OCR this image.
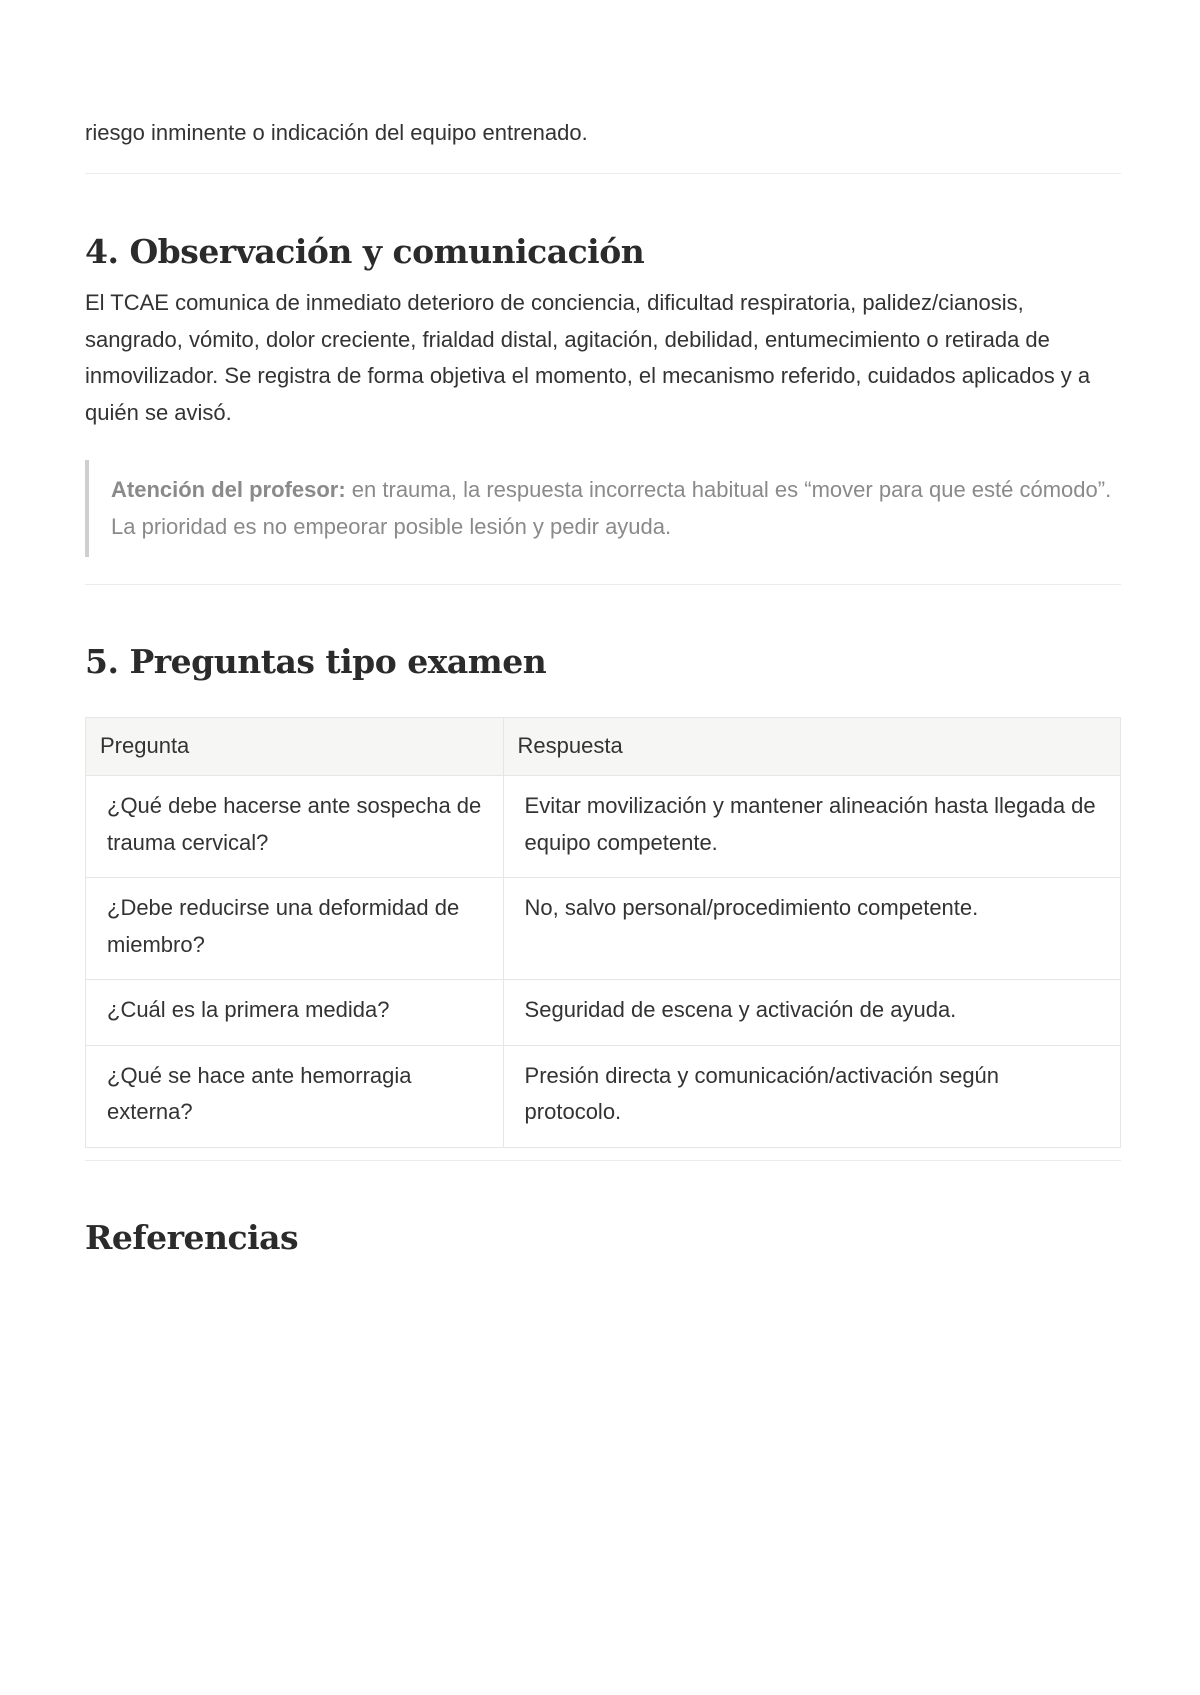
riesgo inminente o indicación del equipo entrenado.

4. Observación y comunicación

El TCAE comunica de inmediato deterioro de conciencia, dificultad respiratoria, palidez/cianosis, sangrado, vómito, dolor creciente, frialdad distal, agitación, debilidad, entumecimiento o retirada de inmovilizador. Se registra de forma objetiva el momento, el mecanismo referido, cuidados aplicados y a quién se avisó.

Atención del profesor: en trauma, la respuesta incorrecta habitual es “mover para que esté cómodo”. La prioridad es no empeorar posible lesión y pedir ayuda.
5. Preguntas tipo examen
Pregunta	Respuesta
¿Qué debe hacerse ante sospecha de trauma cervical?	Evitar movilización y mantener alineación hasta llegada de equipo competente.
¿Debe reducirse una deformidad de miembro?	No, salvo personal/procedimiento competente.
¿Cuál es la primera medida?	Seguridad de escena y activación de ayuda.
¿Qué se hace ante hemorragia externa?	Presión directa y comunicación/activación según protocolo.
Referencias
